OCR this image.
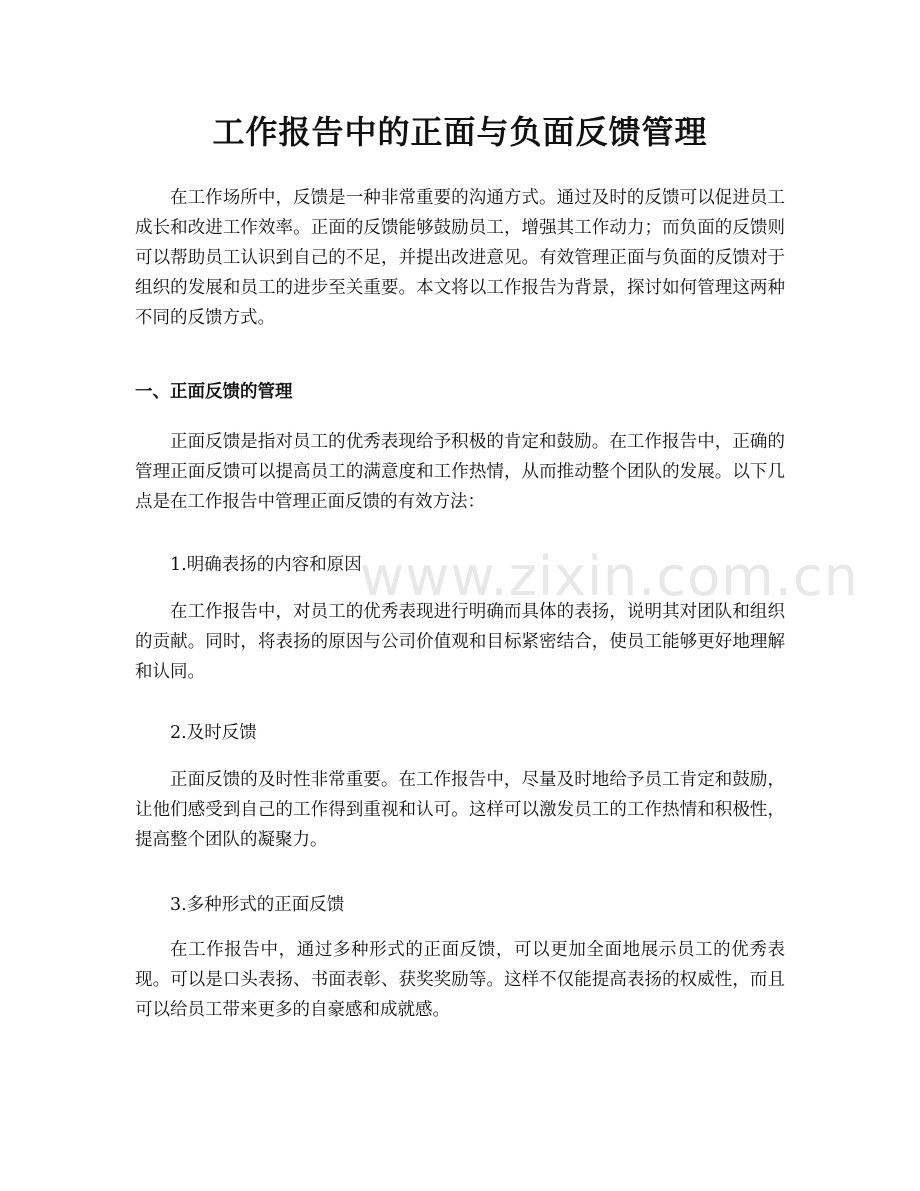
工作报告中的正面与负面反馈管理

在工作场所中，反馈是一种非常重要的沟通方式。通过及时的反馈可以促进员工成长和改进工作效率。正面的反馈能够鼓励员工，增强其工作动力；而负面的反馈则可以帮助员工认识到自己的不足，并提出改进意见。有效管理正面与负面的反馈对于组织的发展和员工的进步至关重要。本文将以工作报告为背景，探讨如何管理这两种不同的反馈方式。

一、正面反馈的管理

正面反馈是指对员工的优秀表现给予积极的肯定和鼓励。在工作报告中，正确的管理正面反馈可以提高员工的满意度和工作热情，从而推动整个团队的发展。以下几点是在工作报告中管理正面反馈的有效方法：

1.明确表扬的内容和原因

在工作报告中，对员工的优秀表现进行明确而具体的表扬，说明其对团队和组织的贡献。同时，将表扬的原因与公司价值观和目标紧密结合，使员工能够更好地理解和认同。

2.及时反馈

正面反馈的及时性非常重要。在工作报告中，尽量及时地给予员工肯定和鼓励，让他们感受到自己的工作得到重视和认可。这样可以激发员工的工作热情和积极性，提高整个团队的凝聚力。

3.多种形式的正面反馈

在工作报告中，通过多种形式的正面反馈，可以更加全面地展示员工的优秀表现。可以是口头表扬、书面表彰、获奖奖励等。这样不仅能提高表扬的权威性，而且可以给员工带来更多的自豪感和成就感。

www.zixin.com.cn
